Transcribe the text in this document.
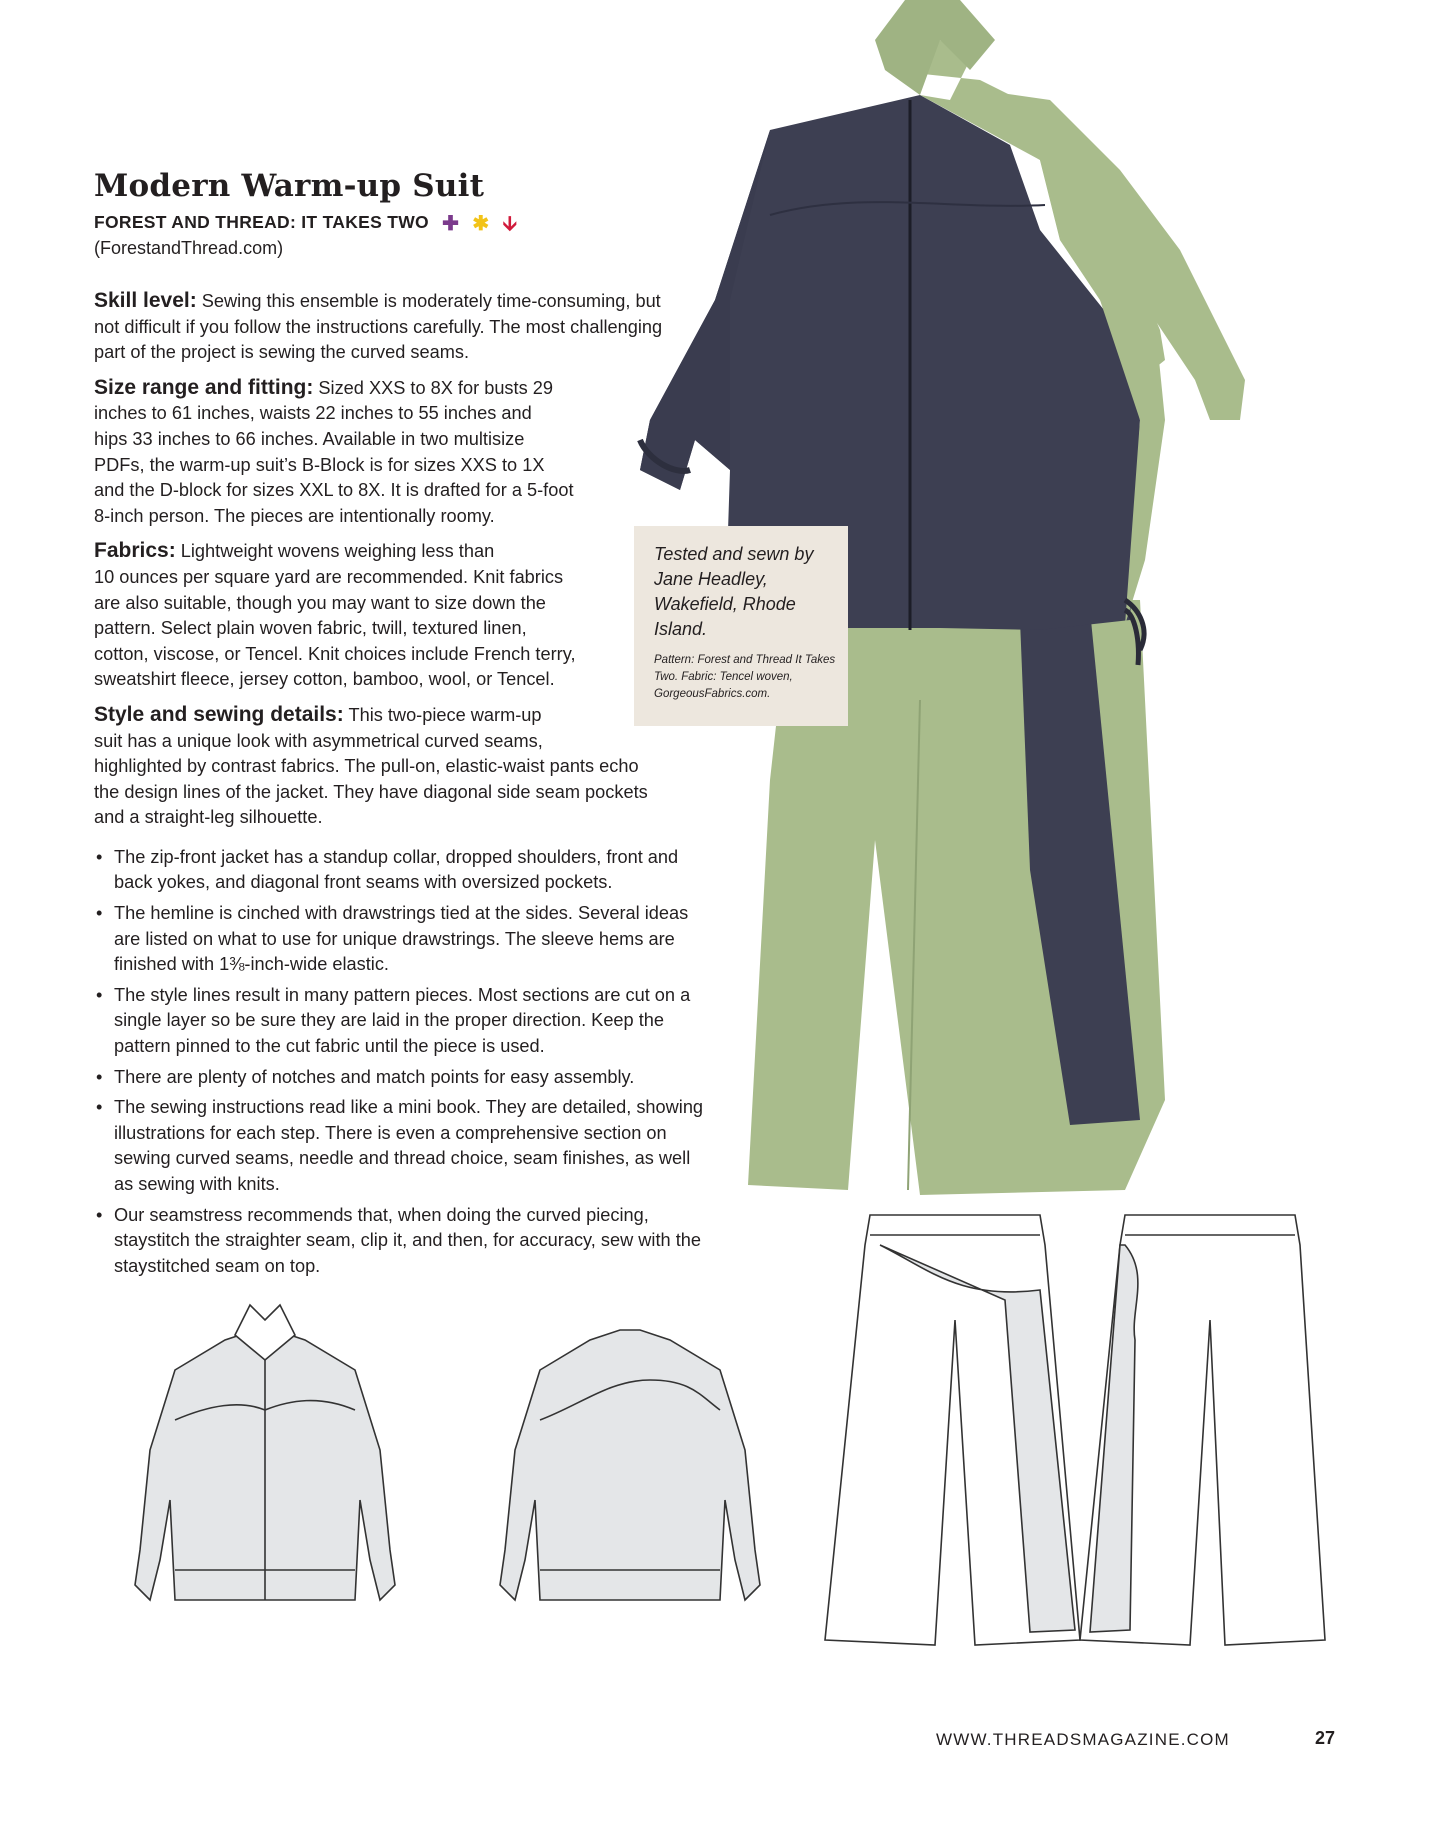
Modern Warm-up Suit
FOREST AND THREAD: IT TAKES TWO ✚ ✱ 🡫
(ForestandThread.com)

Skill level: Sewing this ensemble is moderately time-consuming, but not difficult if you follow the instructions carefully. The most challenging part of the project is sewing the curved seams.

Size range and fitting: Sized XXS to 8X for busts 29
inches to 61 inches, waists 22 inches to 55 inches and
hips 33 inches to 66 inches. Available in two multisize
PDFs, the warm-up suit’s B-Block is for sizes XXS to 1X
and the D-block for sizes XXL to 8X. It is drafted for a 5-foot
8-inch person. The pieces are intentionally roomy.

Fabrics: Lightweight wovens weighing less than
10 ounces per square yard are recommended. Knit fabrics
are also suitable, though you may want to size down the
pattern. Select plain woven fabric, twill, textured linen,
cotton, viscose, or Tencel. Knit choices include French terry,
sweatshirt fleece, jersey cotton, bamboo, wool, or Tencel.

Style and sewing details: This two-piece warm-up
suit has a unique look with asymmetrical curved seams,
highlighted by contrast fabrics. The pull-on, elastic-waist pants echo
the design lines of the jacket. They have diagonal side seam pockets
and a straight-leg silhouette.

• The zip-front jacket has a standup collar, dropped shoulders, front and back yokes, and diagonal front seams with oversized pockets.
• The hemline is cinched with drawstrings tied at the sides. Several ideas are listed on what to use for unique drawstrings. The sleeve hems are finished with 1⅜-inch-wide elastic.
• The style lines result in many pattern pieces. Most sections are cut on a single layer so be sure they are laid in the proper direction. Keep the pattern pinned to the cut fabric until the piece is used.
• There are plenty of notches and match points for easy assembly.
• The sewing instructions read like a mini book. They are detailed, showing illustrations for each step. There is even a comprehensive section on sewing curved seams, needle and thread choice, seam finishes, as well as sewing with knits.
• Our seamstress recommends that, when doing the curved piecing, staystitch the straighter seam, clip it, and then, for accuracy, sew with the staystitched seam on top.
Tested and sewn by Jane Headley, Wakefield, Rhode Island.
Pattern: Forest and Thread It Takes Two. Fabric: Tencel woven, GorgeousFabrics.com.
WWW.THREADSMAGAZINE.COM	27
